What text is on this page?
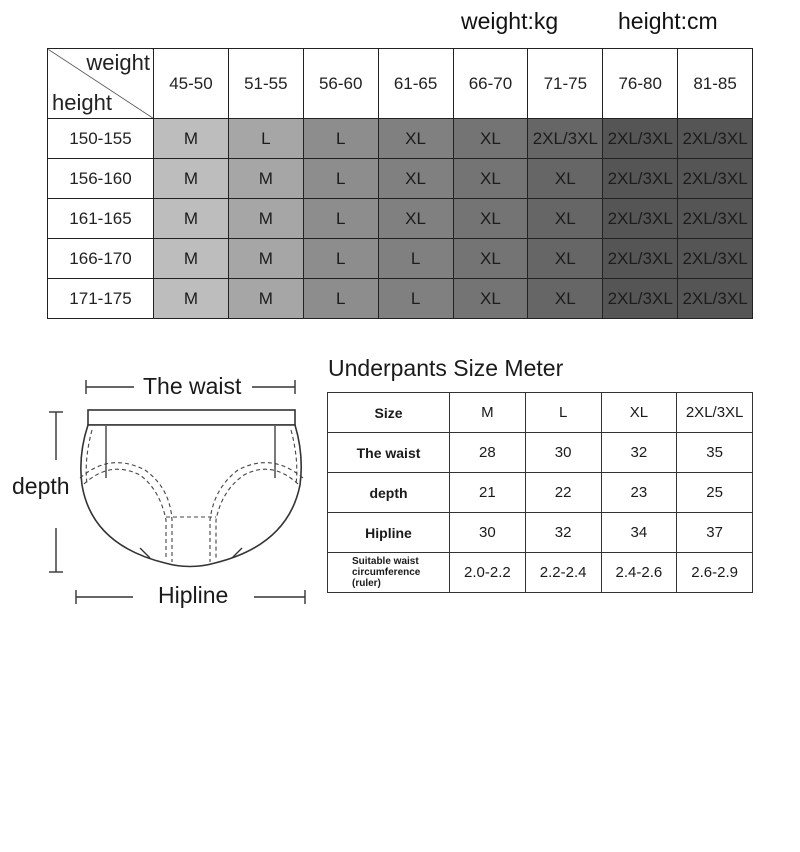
weight:kg	height:cm
weight
height	45-50	51-55	56-60	61-65	66-70	71-75	76-80	81-85
150-155	M	L	L	XL	XL	2XL/3XL	2XL/3XL	2XL/3XL
156-160	M	M	L	XL	XL	XL	2XL/3XL	2XL/3XL
161-165	M	M	L	XL	XL	XL	2XL/3XL	2XL/3XL
166-170	M	M	L	L	XL	XL	2XL/3XL	2XL/3XL
171-175	M	M	L	L	XL	XL	2XL/3XL	2XL/3XL
The waist
depth
Hipline
Underpants Size Meter
Size	M	L	XL	2XL/3XL
The waist	28	30	32	35
depth	21	22	23	25
Hipline	30	32	34	37
Suitable waist circumference (ruler)	2.0-2.2	2.2-2.4	2.4-2.6	2.6-2.9
